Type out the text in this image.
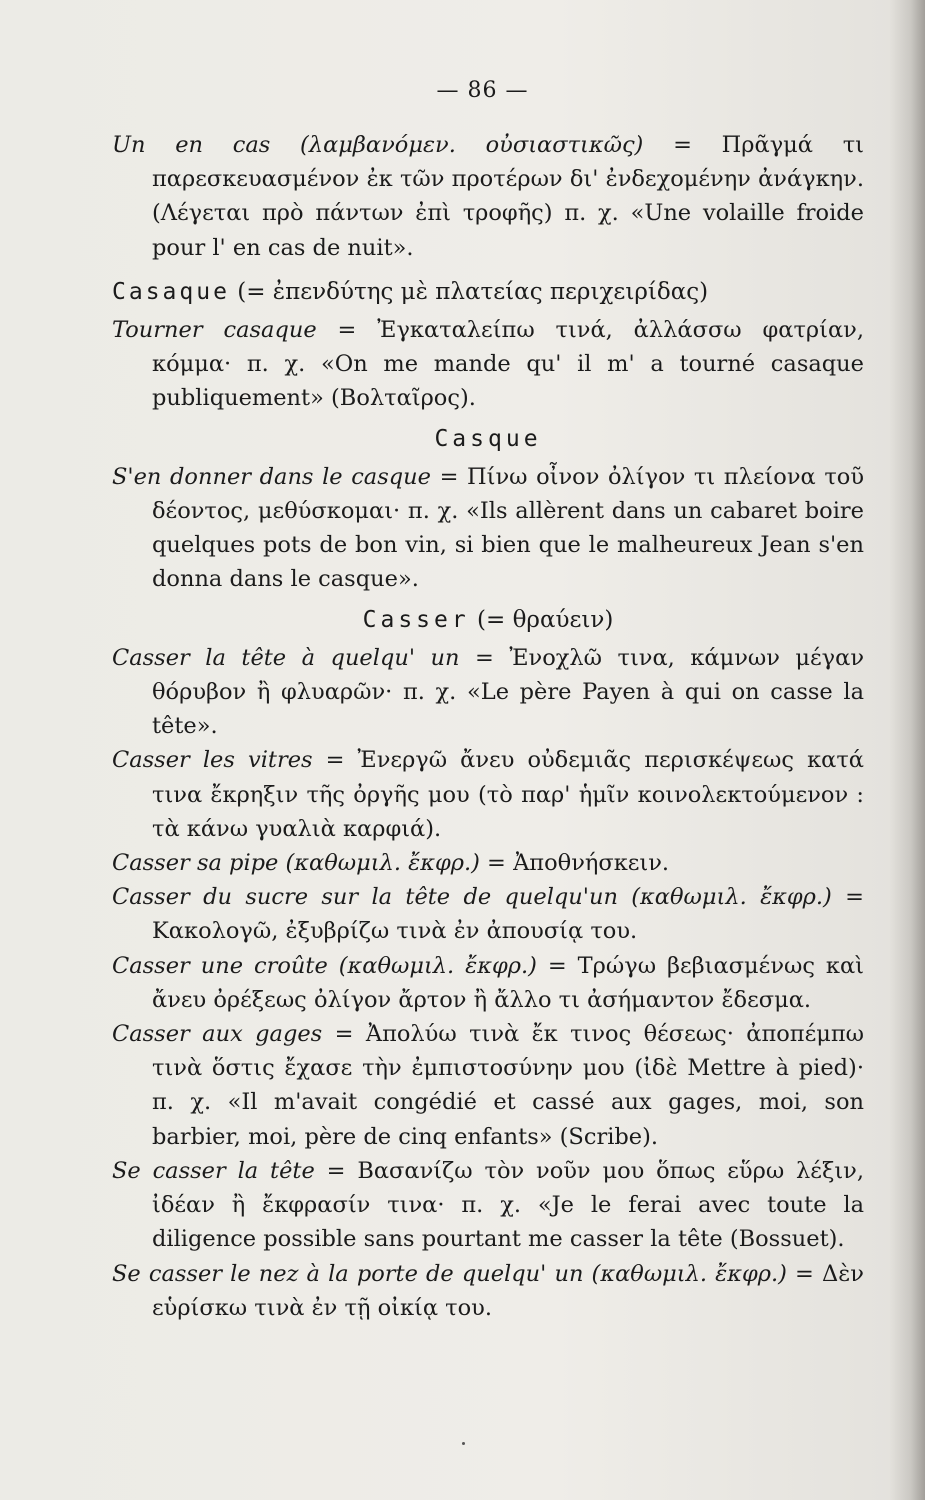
— 86 —

Un en cas (λαμβανόμεν. οὐσιαστικῶς) = Πρᾶγμά τι παρεσκευασμένον ἐκ τῶν προτέρων δι' ἐνδεχομένην ἀνάγκην. (Λέγεται πρὸ πάντων ἐπὶ τροφῆς) π. χ. «Une volaille froide pour l' en cas de nuit».

Casaque (= ἐπενδύτης μὲ πλατείας περιχειρίδας)

Tourner casaque = Ἐγκαταλείπω τινά, ἀλλάσσω φατρίαν, κόμμα· π. χ. «On me mande qu' il m' a tourné casaque publiquement» (Βολταῖρος).

Casque

S'en donner dans le casque = Πίνω οἶνον ὀλίγον τι πλείονα τοῦ δέοντος, μεθύσκομαι· π. χ. «Ils allèrent dans un cabaret boire quelques pots de bon vin, si bien que le malheureux Jean s'en donna dans le casque».

Casser (= θραύειν)

Casser la tête à quelqu' un = Ἐνοχλῶ τινα, κάμνων μέγαν θόρυβον ἢ φλυαρῶν· π. χ. «Le père Payen à qui on casse la tête».

Casser les vitres = Ἐνεργῶ ἄνευ οὐδεμιᾶς περισκέψεως κατά τινα ἔκρηξιν τῆς ὀργῆς μου (τὸ παρ' ἡμῖν κοινολεκτούμενον : τὰ κάνω γυαλιὰ καρφιά).

Casser sa pipe (καθωμιλ. ἔκφρ.) = Ἀποθνήσκειν.

Casser du sucre sur la tête de quelqu'un (καθωμιλ. ἔκφρ.) = Κακολογῶ, ἐξυβρίζω τινὰ ἐν ἀπουσίᾳ του.

Casser une croûte (καθωμιλ. ἔκφρ.) = Τρώγω βεβιασμένως καὶ ἄνευ ὀρέξεως ὀλίγον ἄρτον ἢ ἄλλο τι ἀσήμαντον ἔδεσμα.

Casser aux gages = Ἀπολύω τινὰ ἔκ τινος θέσεως· ἀποπέμπω τινὰ ὅστις ἔχασε τὴν ἐμπιστοσύνην μου (ἰδὲ Mettre à pied)· π. χ. «Il m'avait congédié et cassé aux gages, moi, son barbier, moi, père de cinq enfants» (Scribe).

Se casser la tête = Βασανίζω τὸν νοῦν μου ὅπως εὕρω λέξιν, ἰδέαν ἢ ἔκφρασίν τινα· π. χ. «Je le ferai avec toute la diligence possible sans pourtant me casser la tête (Bossuet).

Se casser le nez à la porte de quelqu' un (καθωμιλ. ἔκφρ.) = Δὲν εὑρίσκω τινὰ ἐν τῇ οἰκίᾳ του.
